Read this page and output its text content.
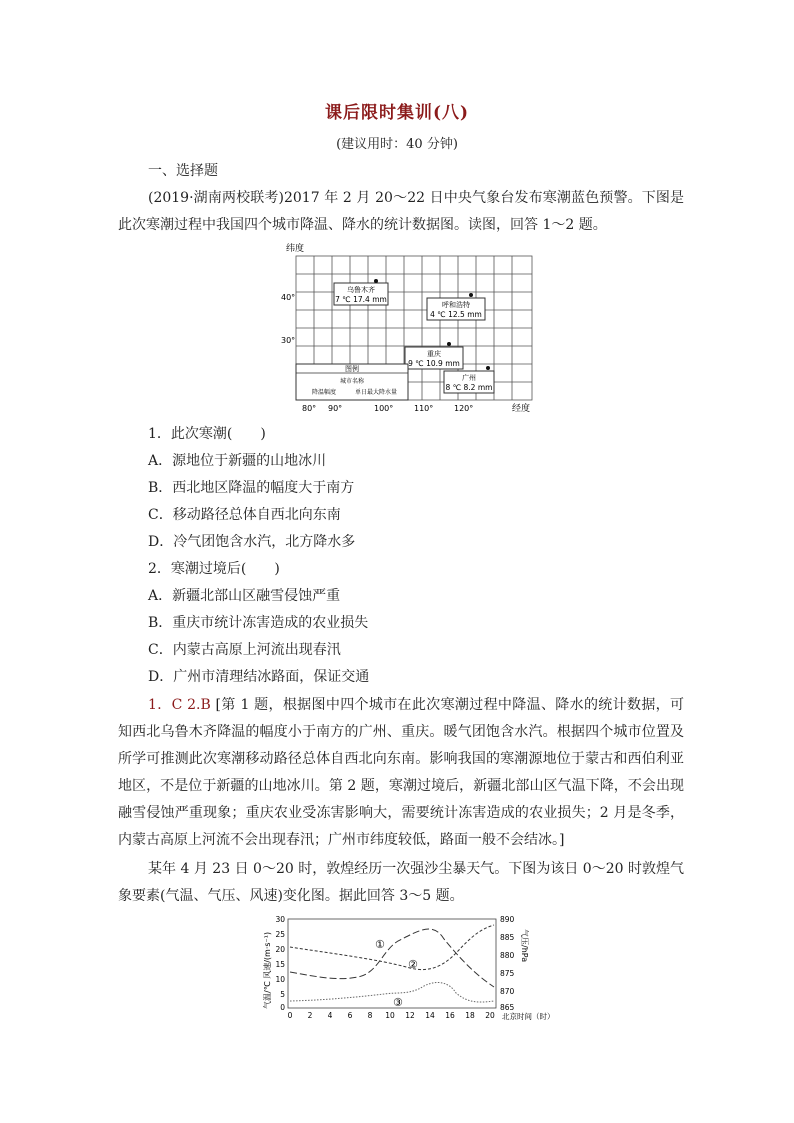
课后限时集训(八)
(建议用时：40 分钟)
一、选择题
(2019·湖南两校联考)2017 年 2 月 20～22 日中央气象台发布寒潮蓝色预警。下图是此次寒潮过程中我国四个城市降温、降水的统计数据图。读图，回答 1～2 题。
纬度
40°
30°
80° 90°	100°	110°	120°	经度
乌鲁木齐
7 ℃ 17.4 mm
呼和浩特
4 ℃ 12.5 mm
重庆
9 ℃ 10.9 mm
广州
8 ℃ 8.2 mm
图例
城市名称
降温幅度	单日最大降水量
1．此次寒潮(　　)
A．源地位于新疆的山地冰川
B．西北地区降温的幅度大于南方
C．移动路径总体自西北向东南
D．冷气团饱含水汽，北方降水多
2．寒潮过境后(　　)
A．新疆北部山区融雪侵蚀严重
B．重庆市统计冻害造成的农业损失
C．内蒙古高原上河流出现春汛
D．广州市清理结冰路面，保证交通
1．C 2.B [第 1 题，根据图中四个城市在此次寒潮过程中降温、降水的统计数据，可知西北乌鲁木齐降温的幅度小于南方的广州、重庆。暖气团饱含水汽。根据四个城市位置及所学可推测此次寒潮移动路径总体自西北向东南。影响我国的寒潮源地位于蒙古和西伯利亚地区，不是位于新疆的山地冰川。第 2 题，寒潮过境后，新疆北部山区气温下降，不会出现融雪侵蚀严重现象；重庆农业受冻害影响大，需要统计冻害造成的农业损失；2 月是冬季，内蒙古高原上河流不会出现春汛；广州市纬度较低，路面一般不会结冰。]
某年 4 月 23 日 0～20 时，敦煌经历一次强沙尘暴天气。下图为该日 0～20 时敦煌气象要素(气温、气压、风速)变化图。据此回答 3～5 题。
30
25
20
15
10
5
0
890
885
880
875
870
865
0 2 4 6 8 10 12 14 16 18 20 北京时间（时）
气温/℃ 风速/(m·s⁻¹)	气压/hPa
①
②
③
